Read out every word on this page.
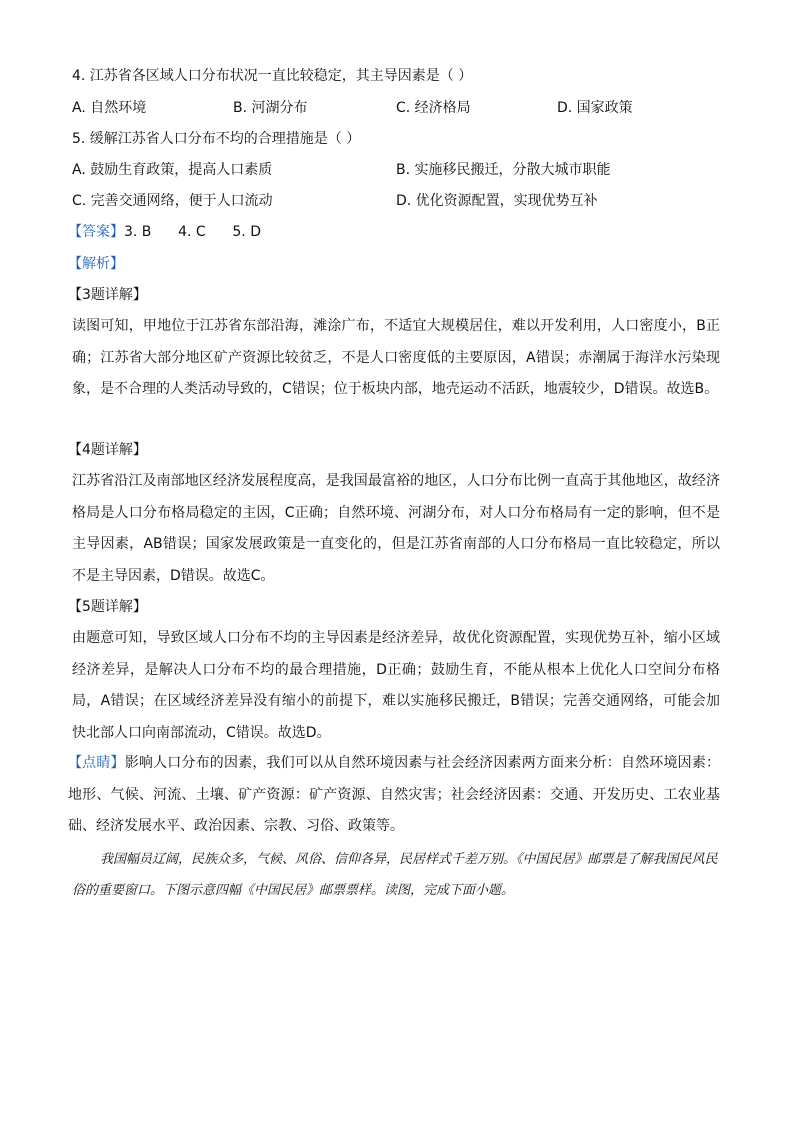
4. 江苏省各区域人口分布状况一直比较稳定，其主导因素是（ ）
A. 自然环境	B. 河湖分布	C. 经济格局	D. 国家政策
5. 缓解江苏省人口分布不均的合理措施是（ ）
A. 鼓励生育政策，提高人口素质	B. 实施移民搬迁，分散大城市职能
C. 完善交通网络，便于人口流动	D. 优化资源配置，实现优势互补
【答案】3. B      4. C      5. D
【解析】
【3题详解】
读图可知，甲地位于江苏省东部沿海，滩涂广布，不适宜大规模居住，难以开发利用，人口密度小，B正确；江苏省大部分地区矿产资源比较贫乏，不是人口密度低的主要原因，A错误；赤潮属于海洋水污染现象，是不合理的人类活动导致的，C错误；位于板块内部，地壳运动不活跃，地震较少，D错误。故选B。
【4题详解】
江苏省沿江及南部地区经济发展程度高，是我国最富裕的地区，人口分布比例一直高于其他地区，故经济格局是人口分布格局稳定的主因，C正确；自然环境、河湖分布，对人口分布格局有一定的影响，但不是主导因素，AB错误；国家发展政策是一直变化的，但是江苏省南部的人口分布格局一直比较稳定，所以不是主导因素，D错误。故选C。
【5题详解】
由题意可知，导致区域人口分布不均的主导因素是经济差异，故优化资源配置，实现优势互补，缩小区域经济差异，是解决人口分布不均的最合理措施，D正确；鼓励生育，不能从根本上优化人口空间分布格局，A错误；在区域经济差异没有缩小的前提下，难以实施移民搬迁，B错误；完善交通网络，可能会加快北部人口向南部流动，C错误。故选D。
【点睛】影响人口分布的因素，我们可以从自然环境因素与社会经济因素两方面来分析：自然环境因素：地形、气候、河流、土壤、矿产资源：矿产资源、自然灾害；社会经济因素：交通、开发历史、工农业基础、经济发展水平、政治因素、宗教、习俗、政策等。
我国幅员辽阔，民族众多，气候、风俗、信仰各异，民居样式千差万别。《中国民居》邮票是了解我国民风民俗的重要窗口。下图示意四幅《中国民居》邮票票样。读图，完成下面小题。
